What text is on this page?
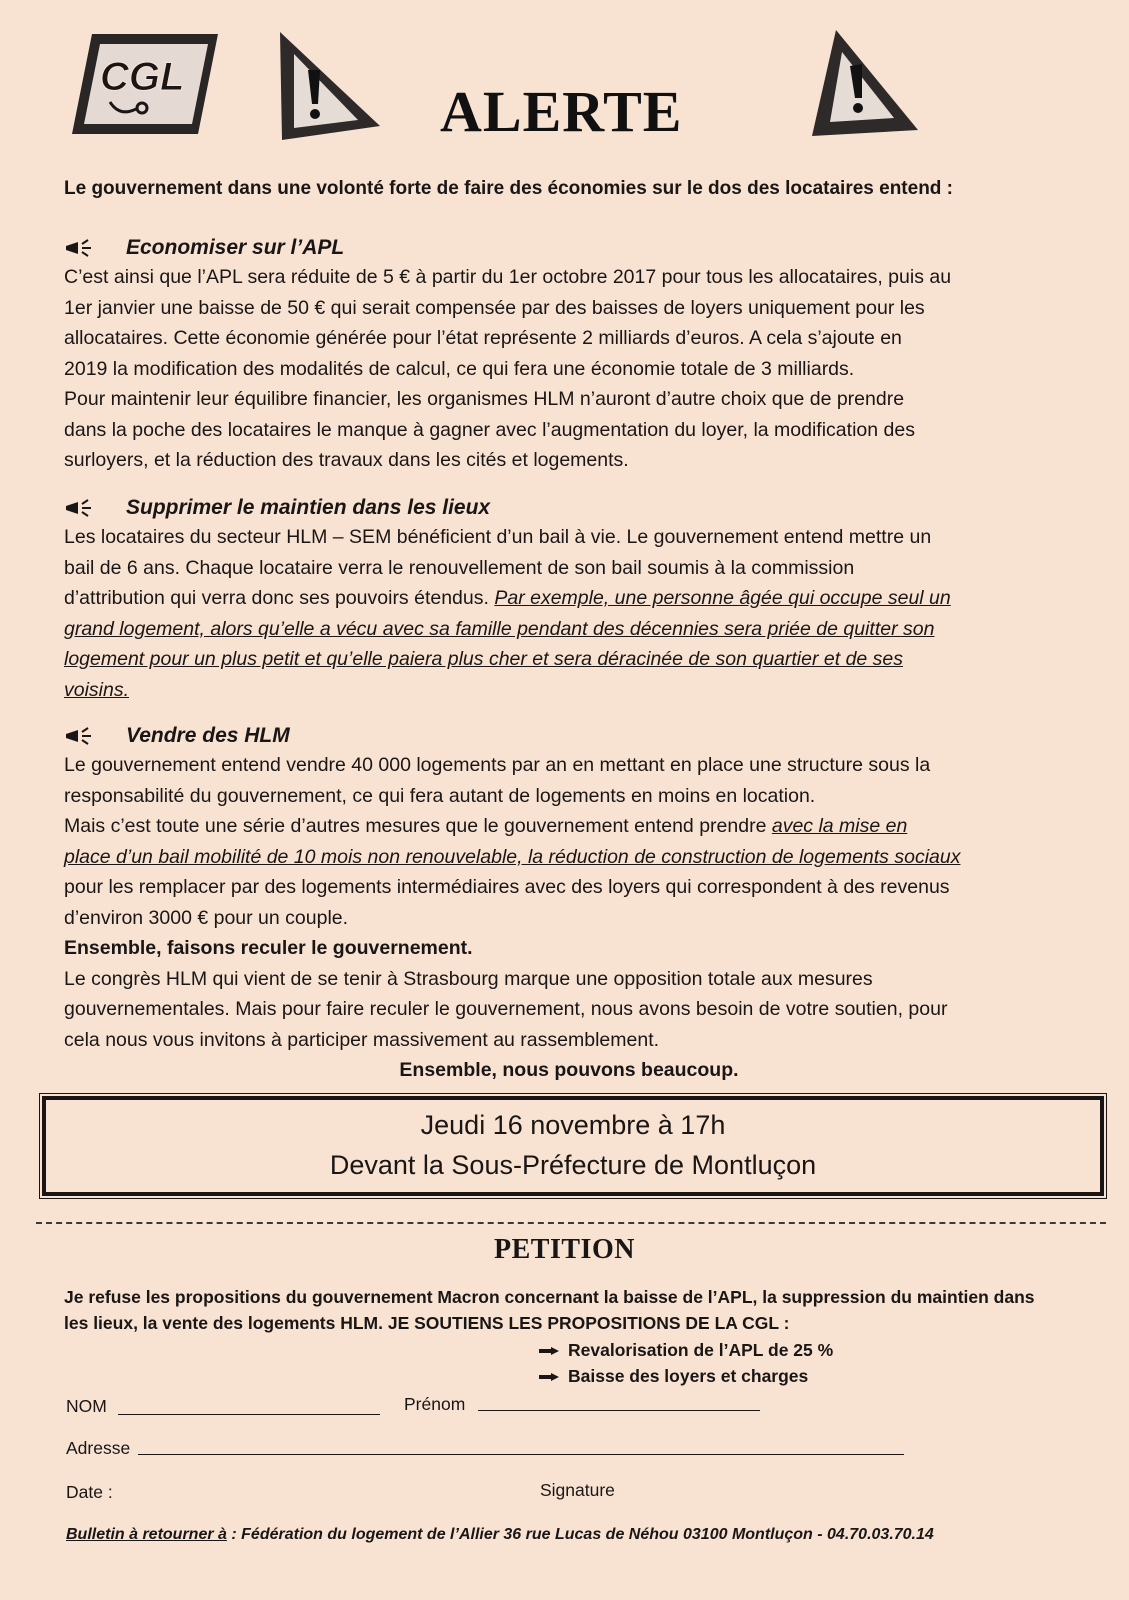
CGL
ALERTE
Le gouvernement dans une volonté forte de faire des économies sur le dos des locataires entend :
Economiser sur l’APL

C’est ainsi que l’APL sera réduite de 5 € à partir du 1er octobre 2017 pour tous les allocataires, puis au

1er janvier une baisse de 50 € qui serait compensée par des baisses de loyers uniquement pour les

allocataires. Cette économie générée pour l’état représente 2 milliards d’euros. A cela s’ajoute en

2019 la modification des modalités de calcul, ce qui fera une économie totale de 3 milliards.

Pour maintenir leur équilibre financier, les organismes HLM n’auront d’autre choix que de prendre

dans la poche des locataires le manque à gagner avec l’augmentation du loyer, la modification des

surloyers, et la réduction des travaux dans les cités et logements.

Supprimer le maintien dans les lieux

Les locataires du secteur HLM – SEM bénéficient d’un bail à vie. Le gouvernement entend mettre un

bail de 6 ans. Chaque locataire verra le renouvellement de son bail soumis à la commission

d’attribution qui verra donc ses pouvoirs étendus. Par exemple, une personne âgée qui occupe seul un

grand logement, alors qu’elle a vécu avec sa famille pendant des décennies sera priée de quitter son

logement pour un plus petit et qu’elle paiera plus cher et sera déracinée de son quartier et de ses

voisins.

Vendre des HLM

Le gouvernement entend vendre 40 000 logements par an en mettant en place une structure sous la

responsabilité du gouvernement, ce qui fera autant de logements en moins en location.

Mais c’est toute une série d’autres mesures que le gouvernement entend prendre avec la mise en

place d’un bail mobilité de 10 mois non renouvelable, la réduction de construction de logements sociaux

pour les remplacer par des logements intermédiaires avec des loyers qui correspondent à des revenus

d’environ 3000 € pour un couple.

Ensemble, faisons reculer le gouvernement.

Le congrès HLM qui vient de se tenir à Strasbourg marque une opposition totale aux mesures

gouvernementales. Mais pour faire reculer le gouvernement, nous avons besoin de votre soutien, pour

cela nous vous invitons à participer massivement au rassemblement.

Ensemble, nous pouvons beaucoup.

Jeudi 16 novembre à 17h
Devant la Sous-Préfecture de Montluçon
PETITION
Je refuse les propositions du gouvernement Macron concernant la baisse de l’APL, la suppression du maintien dans
les lieux, la vente des logements HLM. JE SOUTIENS LES PROPOSITIONS DE LA CGL :
Revalorisation de l’APL de 25 %
Baisse des loyers et charges
NOM	Prénom
Adresse
Date :	Signature
Bulletin à retourner à : Fédération du logement de l’Allier 36 rue Lucas de Néhou 03100 Montluçon - 04.70.03.70.14
